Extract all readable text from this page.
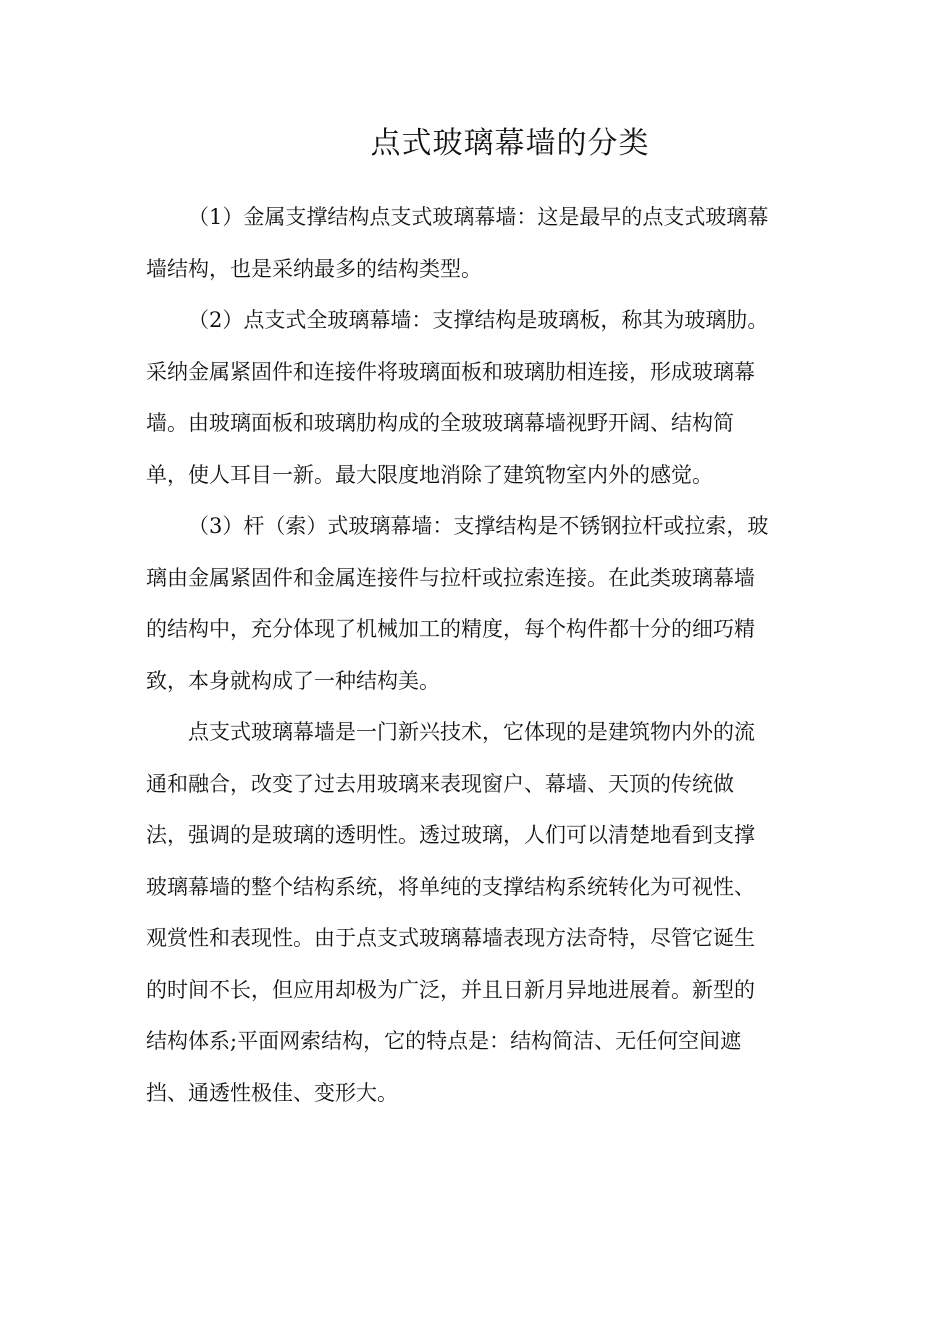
点式玻璃幕墙的分类
（1）金属支撑结构点支式玻璃幕墙：这是最早的点支式玻璃幕
墙结构，也是采纳最多的结构类型。
（2）点支式全玻璃幕墙：支撑结构是玻璃板，称其为玻璃肋。
采纳金属紧固件和连接件将玻璃面板和玻璃肋相连接，形成玻璃幕
墙。由玻璃面板和玻璃肋构成的全玻玻璃幕墙视野开阔、结构简
单，使人耳目一新。最大限度地消除了建筑物室内外的感觉。
（3）杆（索）式玻璃幕墙：支撑结构是不锈钢拉杆或拉索，玻
璃由金属紧固件和金属连接件与拉杆或拉索连接。在此类玻璃幕墙
的结构中，充分体现了机械加工的精度，每个构件都十分的细巧精
致，本身就构成了一种结构美。
点支式玻璃幕墙是一门新兴技术，它体现的是建筑物内外的流
通和融合，改变了过去用玻璃来表现窗户、幕墙、天顶的传统做
法，强调的是玻璃的透明性。透过玻璃，人们可以清楚地看到支撑
玻璃幕墙的整个结构系统，将单纯的支撑结构系统转化为可视性、
观赏性和表现性。由于点支式玻璃幕墙表现方法奇特，尽管它诞生
的时间不长，但应用却极为广泛，并且日新月异地进展着。新型的
结构体系;平面网索结构，它的特点是：结构简洁、无任何空间遮
挡、通透性极佳、变形大。
